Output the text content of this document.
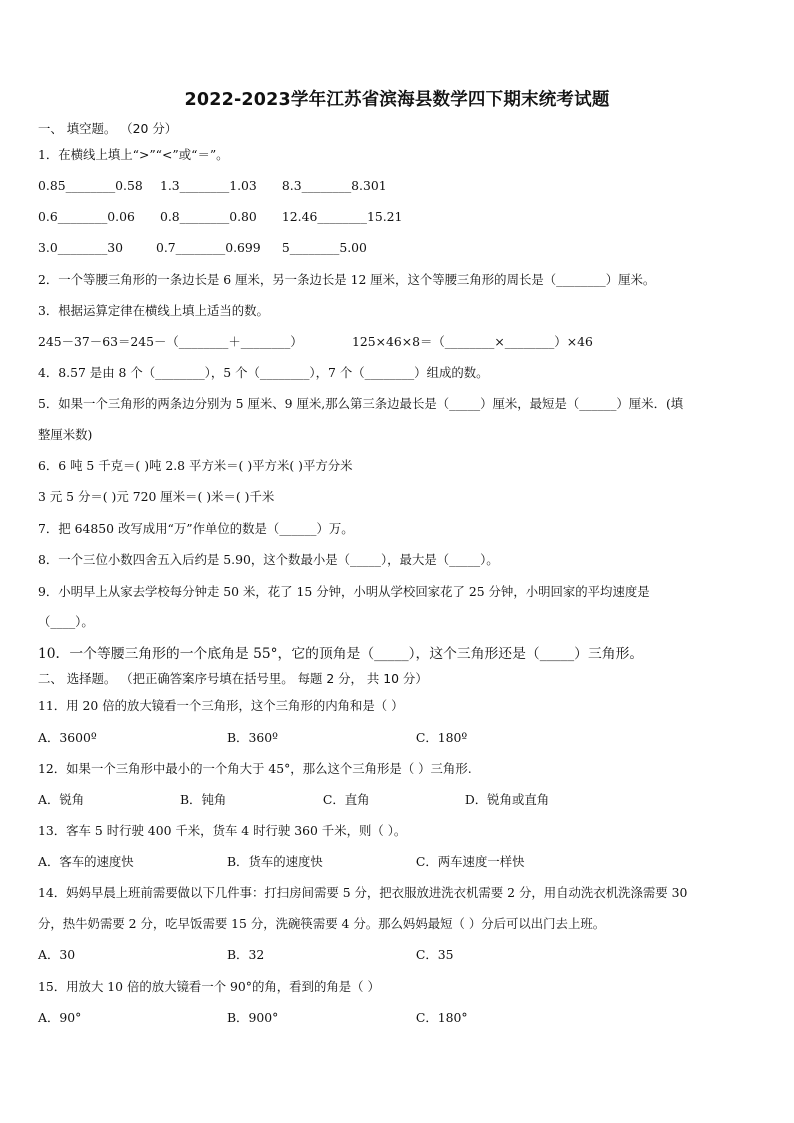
2022-2023学年江苏省滨海县数学四下期末统考试题
一、 填空题。 （20 分）
1．在横线上填上“>”“<”或“＝”。
0.85________0.58 1.3________1.03 8.3________8.301
0.6________0.06 0.8________0.80 12.46________15.21
3.0________30	0.7________0.699 5________5.00
2．一个等腰三角形的一条边长是 6 厘米，另一条边长是 12 厘米，这个等腰三角形的周长是（________）厘米。
3．根据运算定律在横线上填上适当的数。
245－37－63＝245－（________＋________）	125×46×8＝（________×________）×46
4．8.57 是由 8 个（________），5 个（________），7 个（________）组成的数。
5．如果一个三角形的两条边分别为 5 厘米、9 厘米,那么第三条边最长是（_____）厘米，最短是（______）厘米．(填
整厘米数)
6．6 吨 5 千克＝( )吨 2.8 平方米＝( )平方米( )平方分米
3 元 5 分＝( )元 720 厘米＝( )米＝( )千米
7．把 64850 改写成用“万”作单位的数是（______）万。
8．一个三位小数四舍五入后约是 5.90，这个数最小是（_____），最大是（_____）。
9．小明早上从家去学校每分钟走 50 米，花了 15 分钟，小明从学校回家花了 25 分钟，小明回家的平均速度是
（____）。
10．一个等腰三角形的一个底角是 55°，它的顶角是（_____），这个三角形还是（_____）三角形。
二、 选择题。 （把正确答案序号填在括号里。 每题 2 分， 共 10 分）
11．用 20 倍的放大镜看一个三角形，这个三角形的内角和是（ ）
A．3600º	B．360º	C．180º
12．如果一个三角形中最小的一个角大于 45°，那么这个三角形是（ ）三角形.
A．锐角	B．钝角	C．直角	D．锐角或直角
13．客车 5 时行驶 400 千米，货车 4 时行驶 360 千米，则（ ）。
A．客车的速度快	B．货车的速度快	C．两车速度一样快
14．妈妈早晨上班前需要做以下几件事：打扫房间需要 5 分，把衣服放进洗衣机需要 2 分，用自动洗衣机洗涤需要 30
分，热牛奶需要 2 分，吃早饭需要 15 分，洗碗筷需要 4 分。那么妈妈最短（ ）分后可以出门去上班。
A．30	B．32	C．35
15．用放大 10 倍的放大镜看一个 90°的角，看到的角是（ ）
A．90°	B．900°	C．180°
